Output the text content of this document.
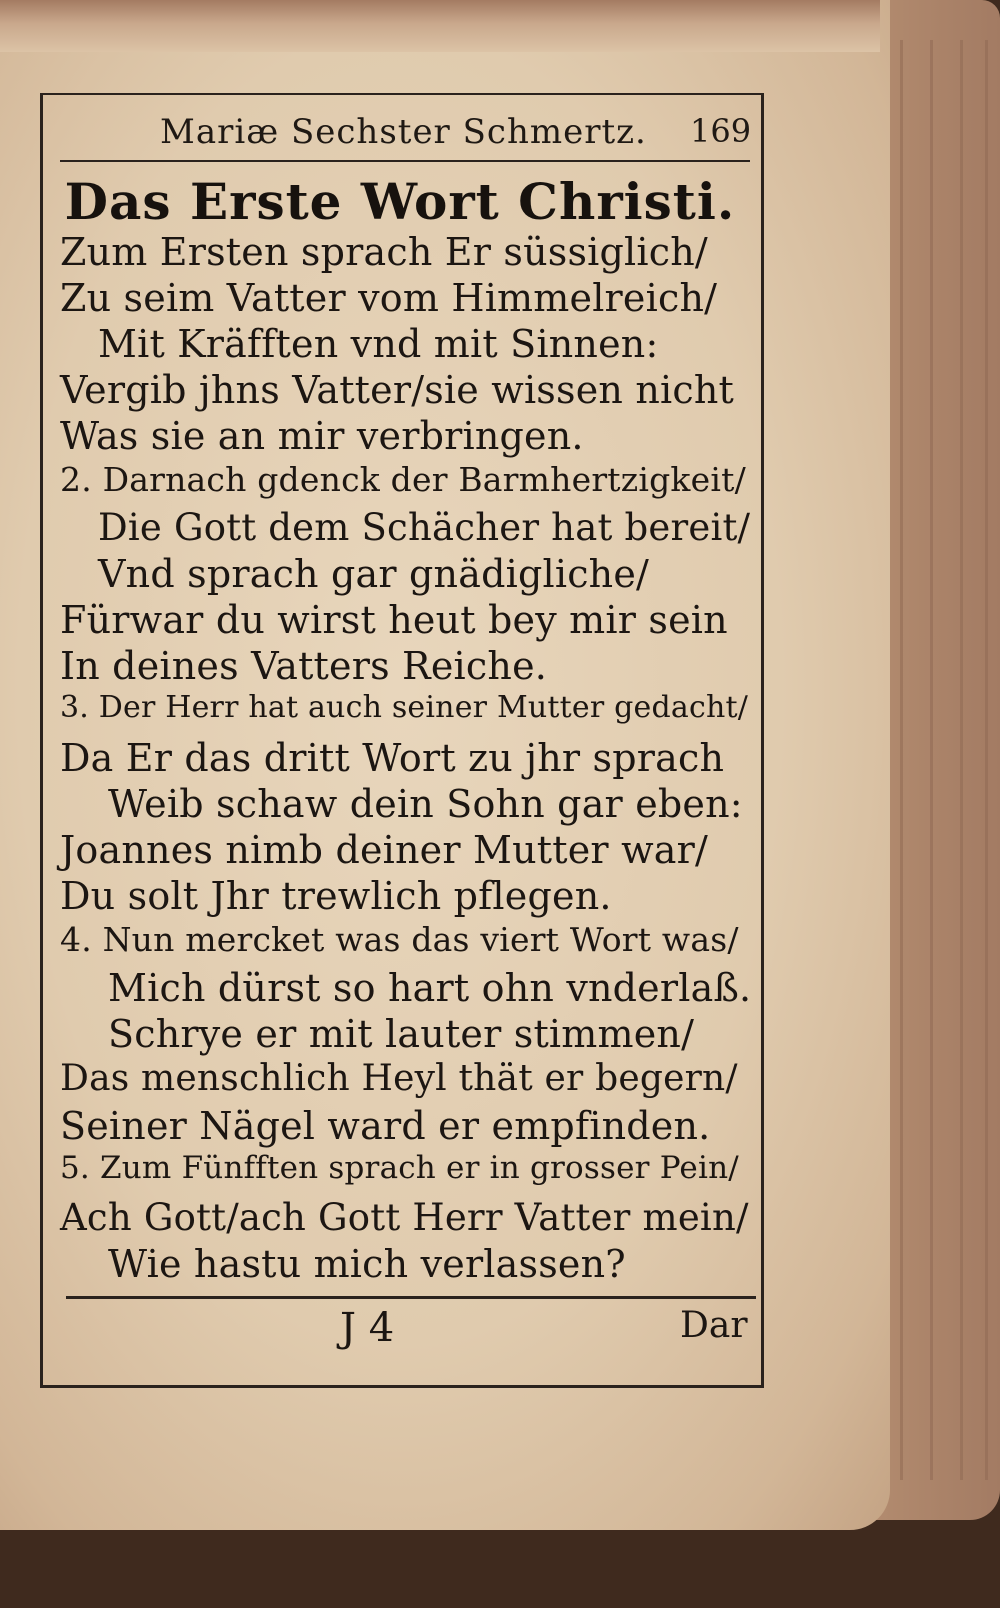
Mariæ Sechster Schmertz. 169
Das Erste Wort Christi.
Zum Ersten sprach Er süssiglich/
Zu seim Vatter vom Himmelreich/
Mit Kräfften vnd mit Sinnen:
Vergib jhns Vatter/sie wissen nicht
Was sie an mir verbringen.
2. Darnach gdenck der Barmhertzigkeit/
Die Gott dem Schächer hat bereit/
Vnd sprach gar gnädigliche/
Fürwar du wirst heut bey mir sein
In deines Vatters Reiche.
3. Der Herr hat auch seiner Mutter gedacht/
Da Er das dritt Wort zu jhr sprach
Weib schaw dein Sohn gar eben:
Joannes nimb deiner Mutter war/
Du solt Jhr trewlich pflegen.
4. Nun mercket was das viert Wort was/
Mich dürst so hart ohn vnderlaß.
Schrye er mit lauter stimmen/
Das menschlich Heyl thät er begern/
Seiner Nägel ward er empfinden.
5. Zum Fünfften sprach er in grosser Pein/
Ach Gott/ach Gott Herr Vatter mein/
Wie hastu mich verlassen?
J 4	Dar
